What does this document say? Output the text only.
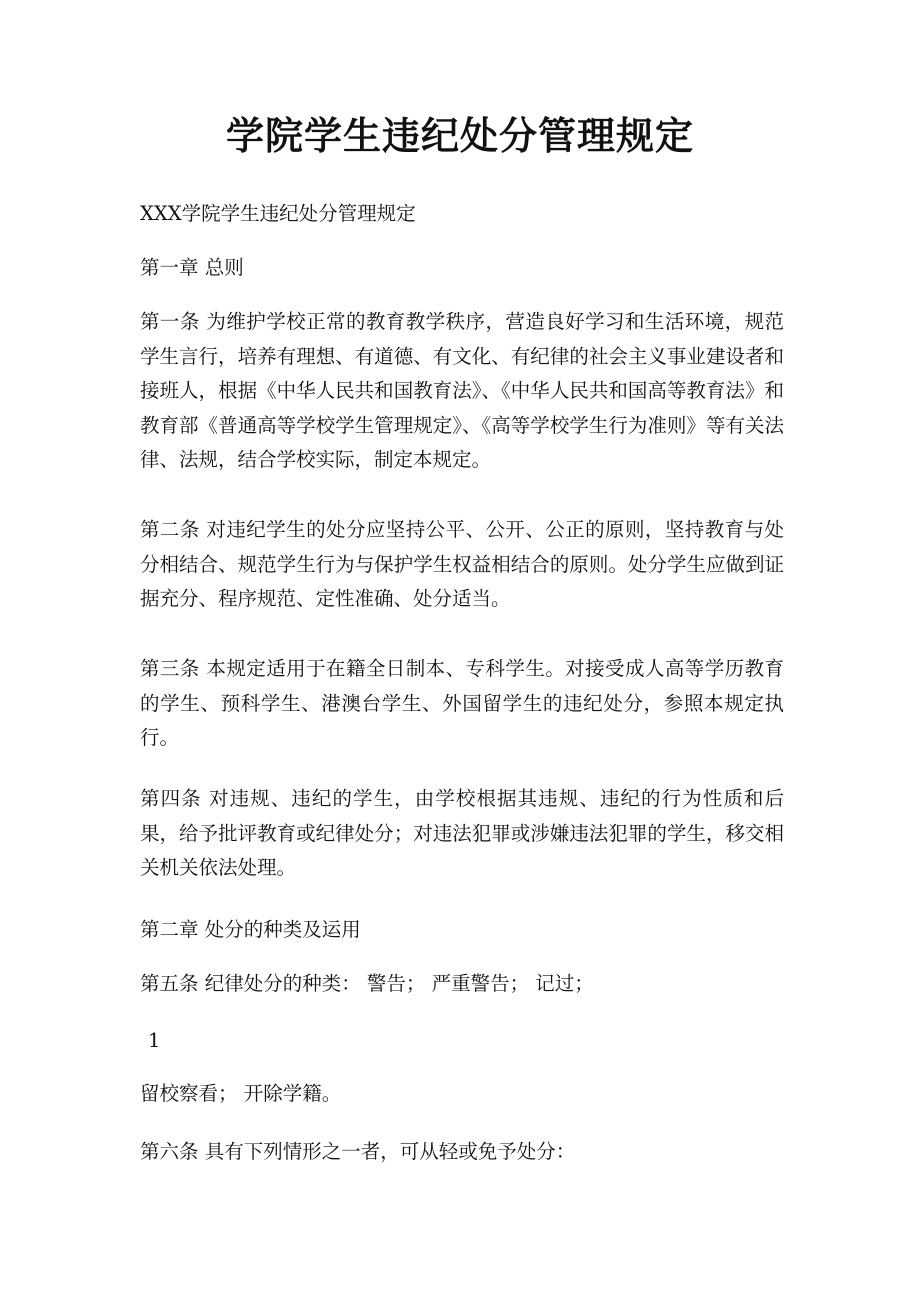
学院学生违纪处分管理规定

XXX学院学生违纪处分管理规定

第一章 总则

第一条 为维护学校正常的教育教学秩序，营造良好学习和生活环境，规范学生言行，培养有理想、有道德、有文化、有纪律的社会主义事业建设者和接班人，根据《中华人民共和国教育法》、《中华人民共和国高等教育法》和教育部《普通高等学校学生管理规定》、《高等学校学生行为准则》等有关法律、法规，结合学校实际，制定本规定。

第二条 对违纪学生的处分应坚持公平、公开、公正的原则，坚持教育与处分相结合、规范学生行为与保护学生权益相结合的原则。处分学生应做到证据充分、程序规范、定性准确、处分适当。

第三条 本规定适用于在籍全日制本、专科学生。对接受成人高等学历教育的学生、预科学生、港澳台学生、外国留学生的违纪处分，参照本规定执行。

第四条 对违规、违纪的学生，由学校根据其违规、违纪的行为性质和后果，给予批评教育或纪律处分；对违法犯罪或涉嫌违法犯罪的学生，移交相关机关依法处理。

第二章 处分的种类及运用

第五条 纪律处分的种类： 警告； 严重警告； 记过；

1

留校察看； 开除学籍。

第六条 具有下列情形之一者，可从轻或免予处分：
